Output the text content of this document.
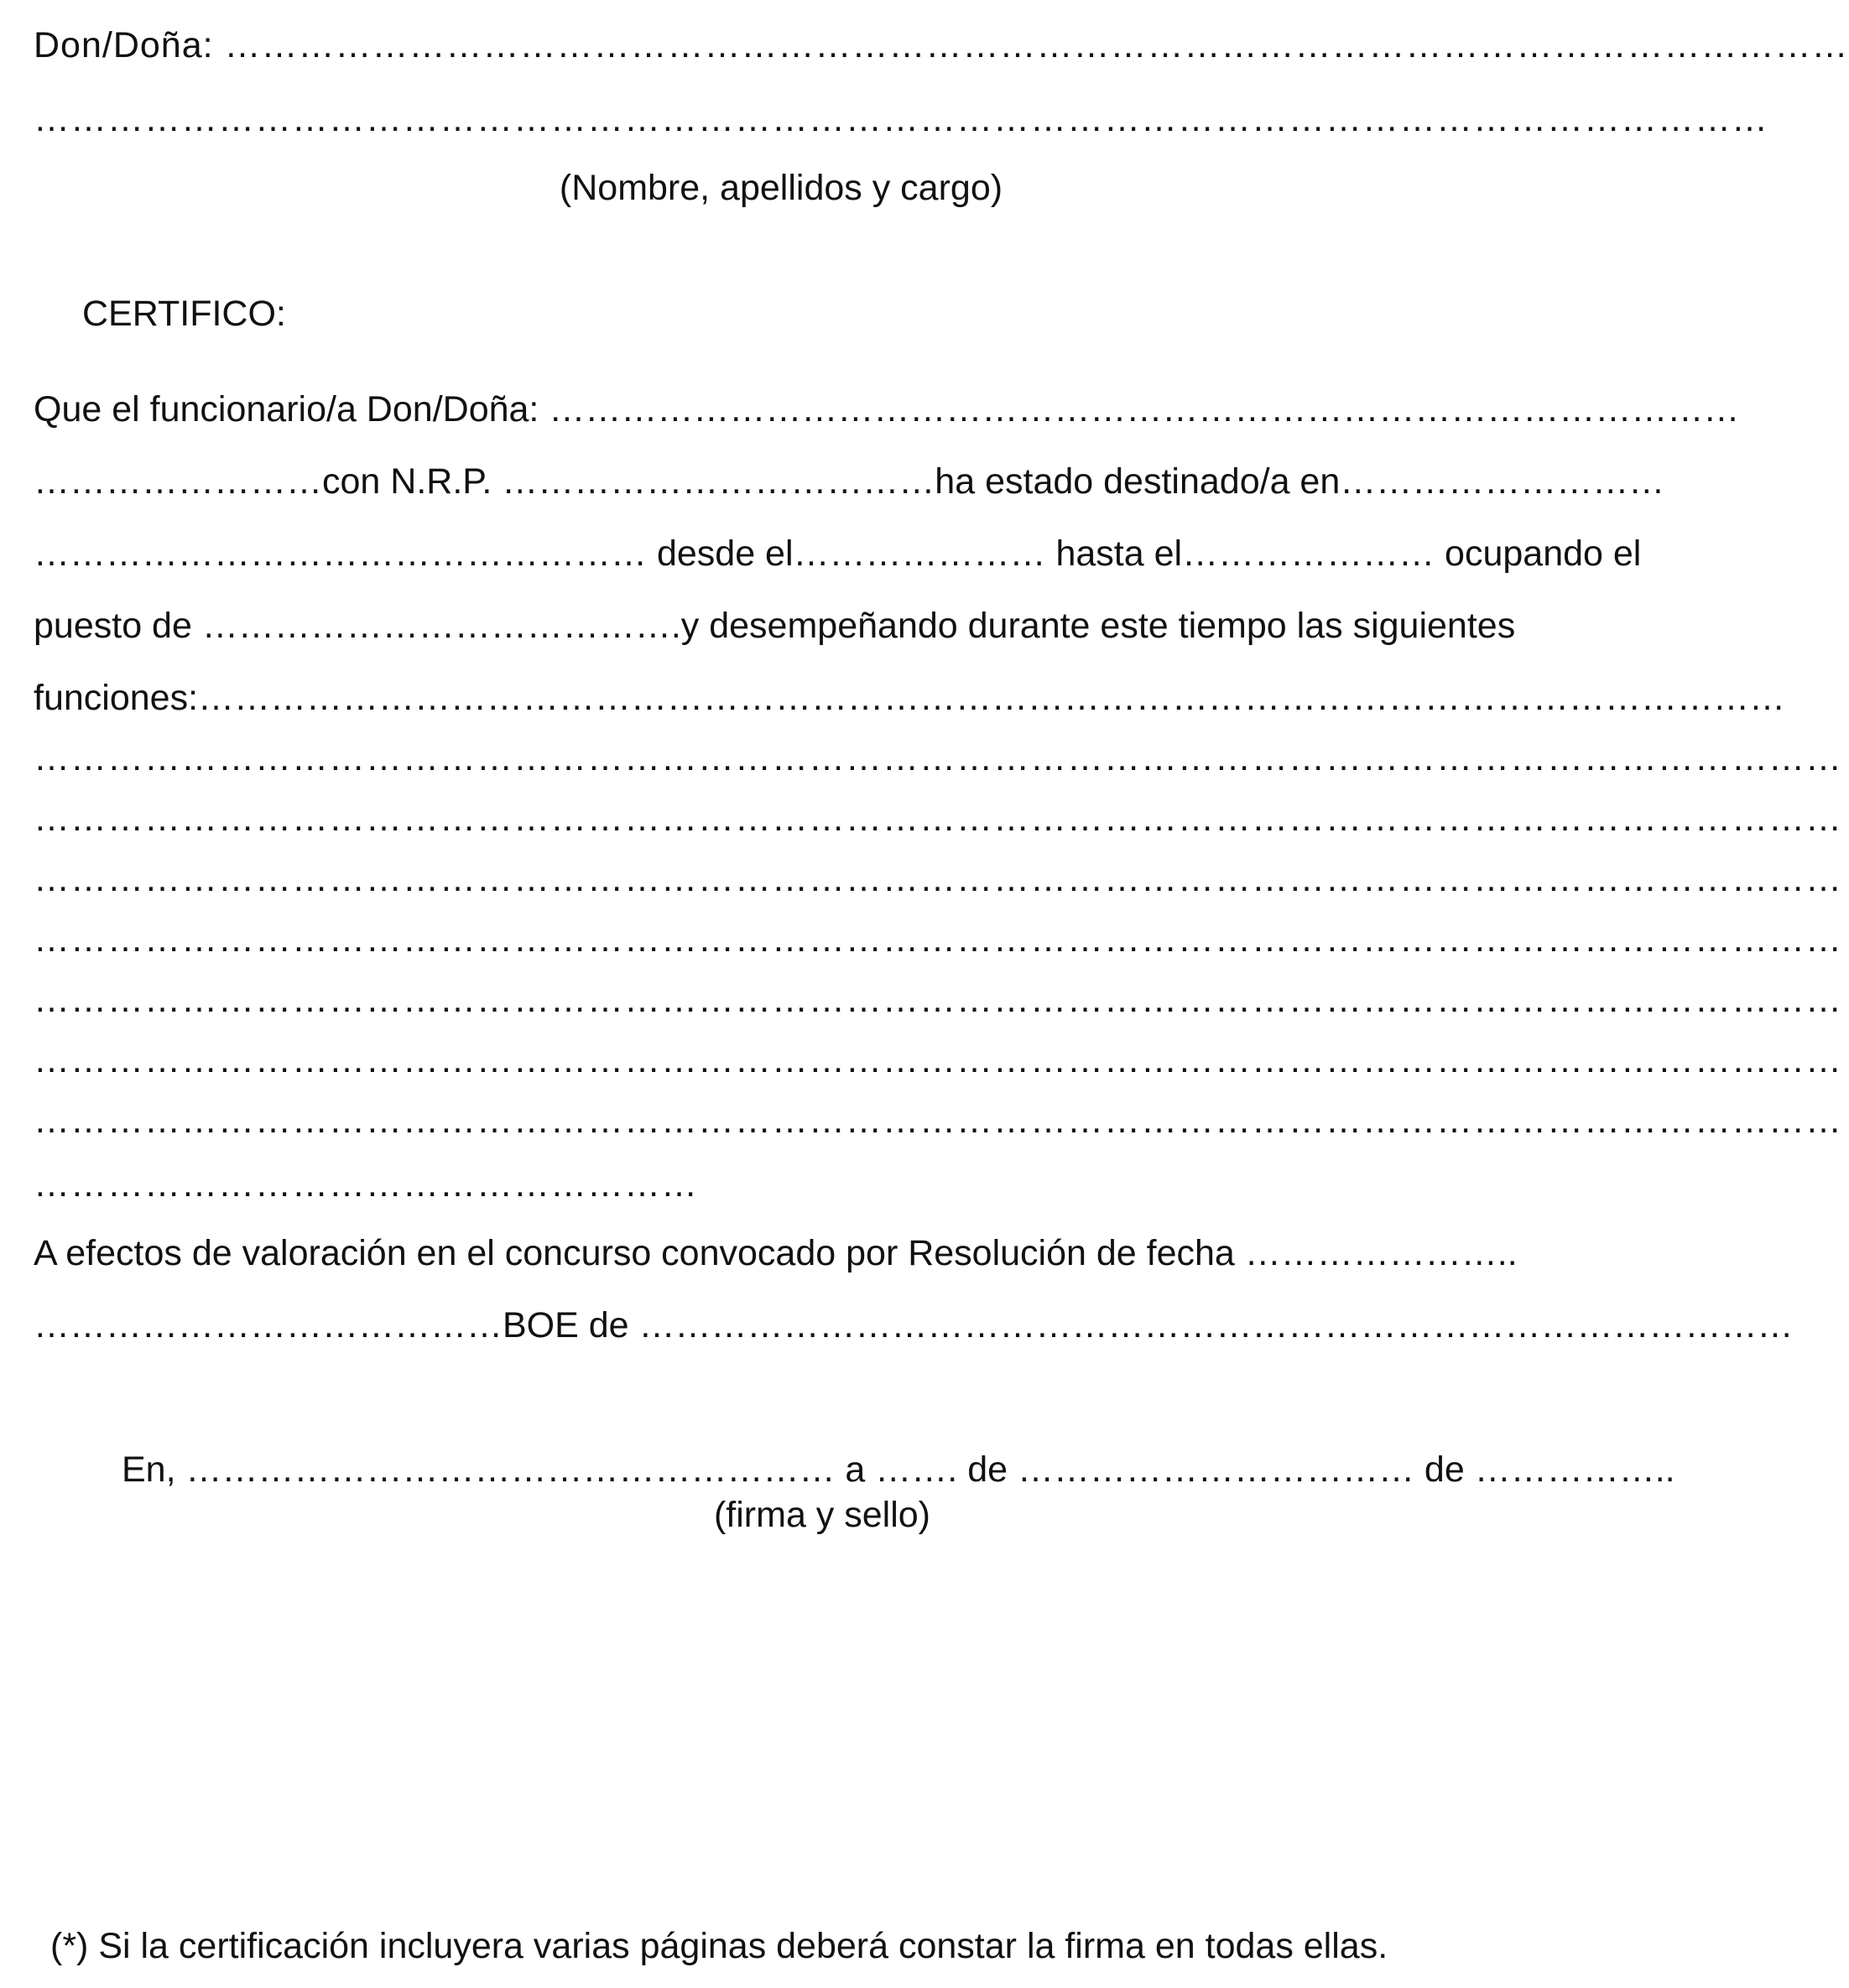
Don/Doña: ……………………………………………………………………………………………………………………
……………………………………………………………………………………………………………………………
(Nombre, apellidos y cargo)
CERTIFICO:
Que el funcionario/a Don/Doña: ………………………………………………………………………………………
……………………con N.R.P. ………………………………ha estado destinado/a en ………………………
…………………………………………… desde el ………………… hasta el ………………… ocupando el
puesto de ………………………………….y desempeñando durante este tiempo las siguientes
funciones:……………………………………………………………………………………………………………………
…………………………………………………………………………………………………………………………………
…………………………………………………………………………………………………………………………………
…………………………………………………………………………………………………………………………………
…………………………………………………………………………………………………………………………………
…………………………………………………………………………………………………………………………………
…………………………………………………………………………………………………………………………………
…………………………………………………………………………………………………………………………………
………………………………………………
A efectos de valoración en el concurso convocado por Resolución de fecha …………………..
…………………………………BOE de ……………………………………………………………………………………
En, ……………………………………………… a ……. de …………………………… de ……………..
(firma y sello)
(*) Si la certificación incluyera varias páginas deberá constar la firma en todas ellas.
